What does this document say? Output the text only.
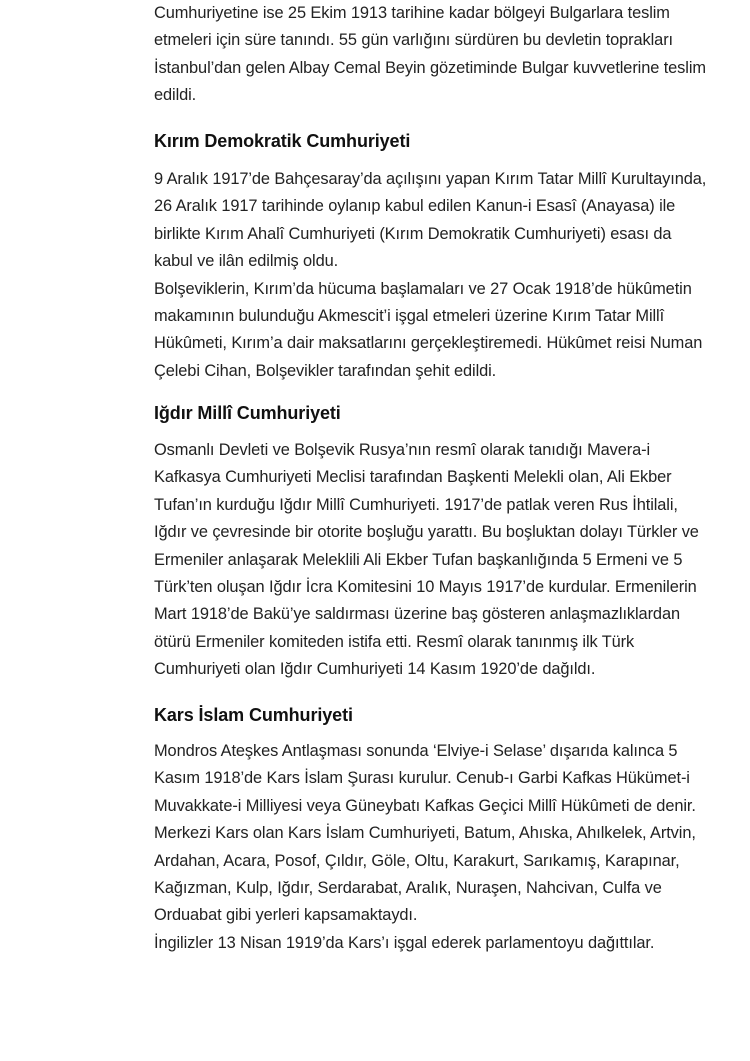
Cumhuriyetine ise 25 Ekim 1913 tarihine kadar bölgeyi Bulgarlara teslim
etmeleri için süre tanındı. 55 gün varlığını sürdüren bu devletin toprakları
İstanbul’dan gelen Albay Cemal Beyin gözetiminde Bulgar kuvvetlerine teslim
edildi.

Kırım Demokratik Cumhuriyeti

9 Aralık 1917’de Bahçesaray’da açılışını yapan Kırım Tatar Millî Kurultayında,
26 Aralık 1917 tarihinde oylanıp kabul edilen Kanun-i Esasî (Anayasa) ile
birlikte Kırım Ahalî Cumhuriyeti (Kırım Demokratik Cumhuriyeti) esası da
kabul ve ilân edilmiş oldu.
Bolşeviklerin, Kırım’da hücuma başlamaları ve 27 Ocak 1918’de hükûmetin
makamının bulunduğu Akmescit’i işgal etmeleri üzerine Kırım Tatar Millî
Hükûmeti, Kırım’a dair maksatlarını gerçekleştiremedi. Hükûmet reisi Numan
Çelebi Cihan, Bolşevikler tarafından şehit edildi.

Iğdır Millî Cumhuriyeti

Osmanlı Devleti ve Bolşevik Rusya’nın resmî olarak tanıdığı Mavera-i
Kafkasya Cumhuriyeti Meclisi tarafından Başkenti Melekli olan, Ali Ekber
Tufan’ın kurduğu Iğdır Millî Cumhuriyeti. 1917’de patlak veren Rus İhtilali,
Iğdır ve çevresinde bir otorite boşluğu yarattı. Bu boşluktan dolayı Türkler ve
Ermeniler anlaşarak Meleklili Ali Ekber Tufan başkanlığında 5 Ermeni ve 5
Türk’ten oluşan Iğdır İcra Komitesini 10 Mayıs 1917’de kurdular. Ermenilerin
Mart 1918’de Bakü’ye saldırması üzerine baş gösteren anlaşmazlıklardan
ötürü Ermeniler komiteden istifa etti. Resmî olarak tanınmış ilk Türk
Cumhuriyeti olan Iğdır Cumhuriyeti 14 Kasım 1920’de dağıldı.

Kars İslam Cumhuriyeti

Mondros Ateşkes Antlaşması sonunda ‘Elviye-i Selase’ dışarıda kalınca 5
Kasım 1918’de Kars İslam Şurası kurulur. Cenub-ı Garbi Kafkas Hükümet-i
Muvakkate-i Milliyesi veya Güneybatı Kafkas Geçici Millî Hükûmeti de denir.
Merkezi Kars olan Kars İslam Cumhuriyeti, Batum, Ahıska, Ahılkelek, Artvin,
Ardahan, Acara, Posof, Çıldır, Göle, Oltu, Karakurt, Sarıkamış, Karapınar,
Kağızman, Kulp, Iğdır, Serdarabat, Aralık, Nuraşen, Nahcivan, Culfa ve
Orduabat gibi yerleri kapsamaktaydı.
İngilizler 13 Nisan 1919’da Kars’ı işgal ederek parlamentoyu dağıttılar.
